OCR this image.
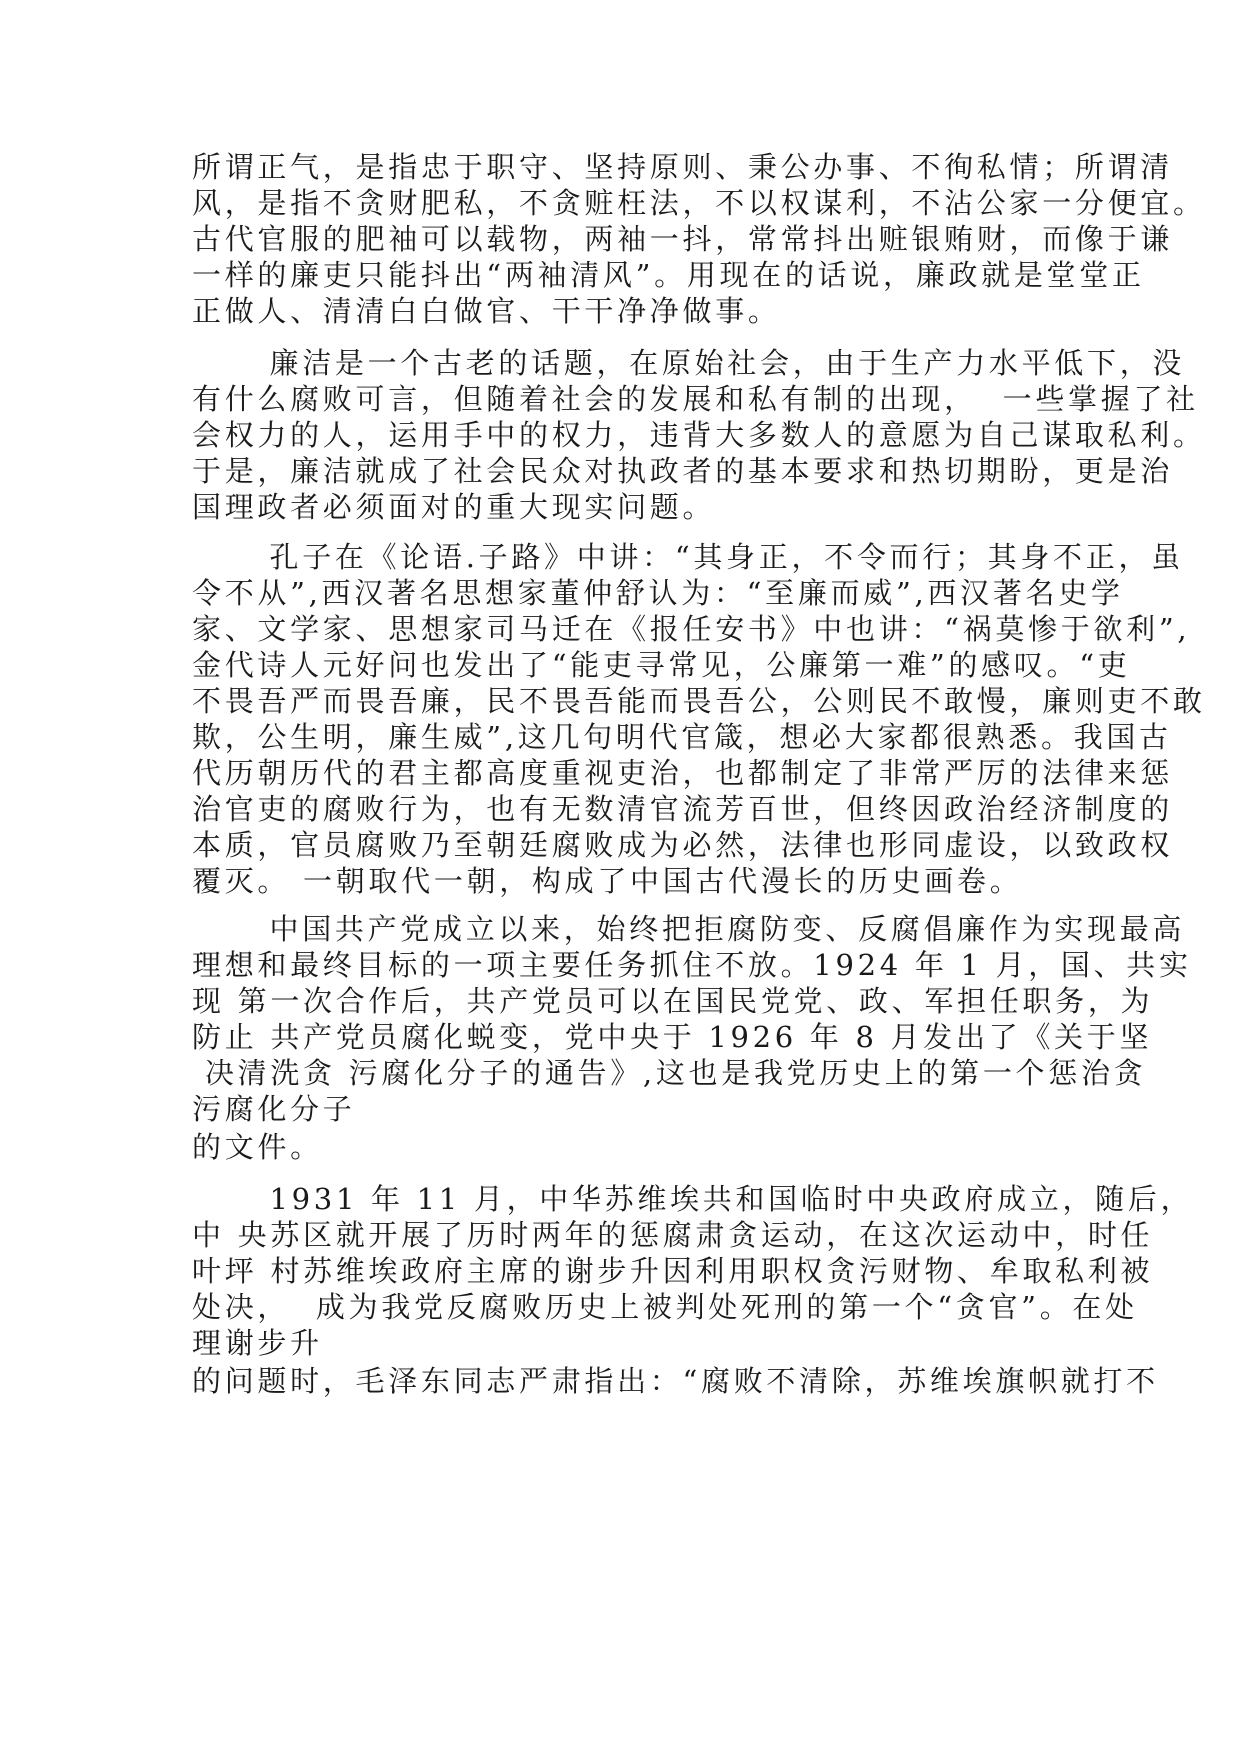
所谓正气，是指忠于职守、坚持原则、秉公办事、不徇私情；所谓清
风，是指不贪财肥私，不贪赃枉法，不以权谋利，不沾公家一分便宜。
古代官服的肥袖可以载物，两袖一抖，常常抖出赃银贿财，而像于谦
一样的廉吏只能抖出“两袖清风”。用现在的话说，廉政就是堂堂正
正做人、清清白白做官、干干净净做事。
廉洁是一个古老的话题，在原始社会，由于生产力水平低下，没
有什么腐败可言，但随着社会的发展和私有制的出现，  一些掌握了社
会权力的人，运用手中的权力，违背大多数人的意愿为自己谋取私利。
于是，廉洁就成了社会民众对执政者的基本要求和热切期盼，更是治
国理政者必须面对的重大现实问题。
孔子在《论语.子路》中讲：“其身正，不令而行；其身不正，虽
令不从”,西汉著名思想家董仲舒认为：“至廉而威”,西汉著名史学
家、文学家、思想家司马迁在《报任安书》中也讲：“祸莫惨于欲利”,
金代诗人元好问也发出了“能吏寻常见，公廉第一难”的感叹。“吏
不畏吾严而畏吾廉，民不畏吾能而畏吾公，公则民不敢慢，廉则吏不敢
欺，公生明，廉生威”,这几句明代官箴，想必大家都很熟悉。我国古
代历朝历代的君主都高度重视吏治，也都制定了非常严厉的法律来惩
治官吏的腐败行为，也有无数清官流芳百世，但终因政治经济制度的
本质，官员腐败乃至朝廷腐败成为必然，法律也形同虚设，以致政权
覆灭。 一朝取代一朝，构成了中国古代漫长的历史画卷。
中国共产党成立以来，始终把拒腐防变、反腐倡廉作为实现最高
理想和最终目标的一项主要任务抓住不放。1924 年 1 月，国、共实
现 第一次合作后，共产党员可以在国民党党、政、军担任职务，为
防止 共产党员腐化蜕变，党中央于 1926 年 8 月发出了《关于坚
决清洗贪 污腐化分子的通告》,这也是我党历史上的第一个惩治贪
污腐化分子
的文件。
1931 年 11 月，中华苏维埃共和国临时中央政府成立，随后，
中 央苏区就开展了历时两年的惩腐肃贪运动，在这次运动中，时任
叶坪 村苏维埃政府主席的谢步升因利用职权贪污财物、牟取私利被
处决，  成为我党反腐败历史上被判处死刑的第一个“贪官”。在处
理谢步升
的问题时，毛泽东同志严肃指出：“腐败不清除，苏维埃旗帜就打不
